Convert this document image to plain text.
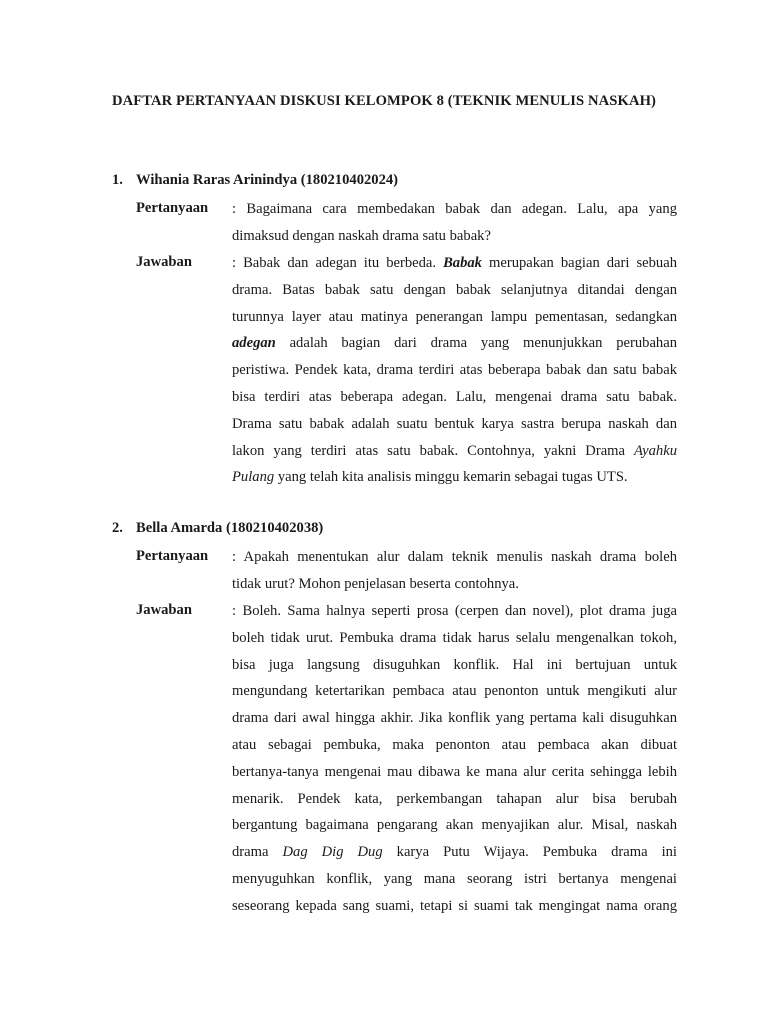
DAFTAR PERTANYAAN DISKUSI KELOMPOK 8 (TEKNIK MENULIS NASKAH)
1. Wihania Raras Arinindya (180210402024)
Pertanyaan : Bagaimana cara membedakan babak dan adegan. Lalu, apa yang
dimaksud dengan naskah drama satu babak?
Jawaban	: Babak dan adegan itu berbeda. Babak merupakan bagian dari sebuah
drama. Batas babak satu dengan babak selanjutnya ditandai dengan
turunnya layer atau matinya penerangan lampu pementasan, sedangkan
adegan adalah bagian dari drama yang menunjukkan perubahan
peristiwa. Pendek kata, drama terdiri atas beberapa babak dan satu babak
bisa terdiri atas beberapa adegan. Lalu, mengenai drama satu babak.
Drama satu babak adalah suatu bentuk karya sastra berupa naskah dan
lakon yang terdiri atas satu babak. Contohnya, yakni Drama Ayahku
Pulang yang telah kita analisis minggu kemarin sebagai tugas UTS.
2. Bella Amarda (180210402038)
Pertanyaan : Apakah menentukan alur dalam teknik menulis naskah drama boleh
tidak urut? Mohon penjelasan beserta contohnya.
Jawaban	: Boleh. Sama halnya seperti prosa (cerpen dan novel), plot drama juga
boleh tidak urut. Pembuka drama tidak harus selalu mengenalkan tokoh,
bisa juga langsung disuguhkan konflik. Hal ini bertujuan untuk
mengundang ketertarikan pembaca atau penonton untuk mengikuti alur
drama dari awal hingga akhir. Jika konflik yang pertama kali disuguhkan
atau sebagai pembuka, maka penonton atau pembaca akan dibuat
bertanya-tanya mengenai mau dibawa ke mana alur cerita sehingga lebih
menarik. Pendek kata, perkembangan tahapan alur bisa berubah
bergantung bagaimana pengarang akan menyajikan alur. Misal, naskah
drama Dag Dig Dug karya Putu Wijaya. Pembuka drama ini
menyuguhkan konflik, yang mana seorang istri bertanya mengenai
seseorang kepada sang suami, tetapi si suami tak mengingat nama orang
